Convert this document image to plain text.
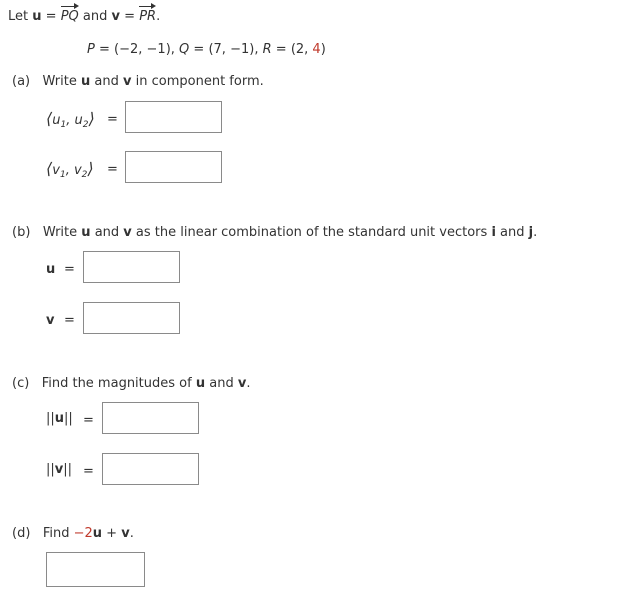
Let u = PQ and v = PR.
P = (−2, −1), Q = (7, −1), R = (2, 4)
(a) Write u and v in component form.
$⟨u_1$, $u_2⟩$ =
$⟨v_1$, $v_2⟩$ =
(b) Write u and v as the linear combination of the standard unit vectors i and j.
u =
v =
(c) Find the magnitudes of u and v.
||u|| =
||v|| =
(d) Find −2u + v.
